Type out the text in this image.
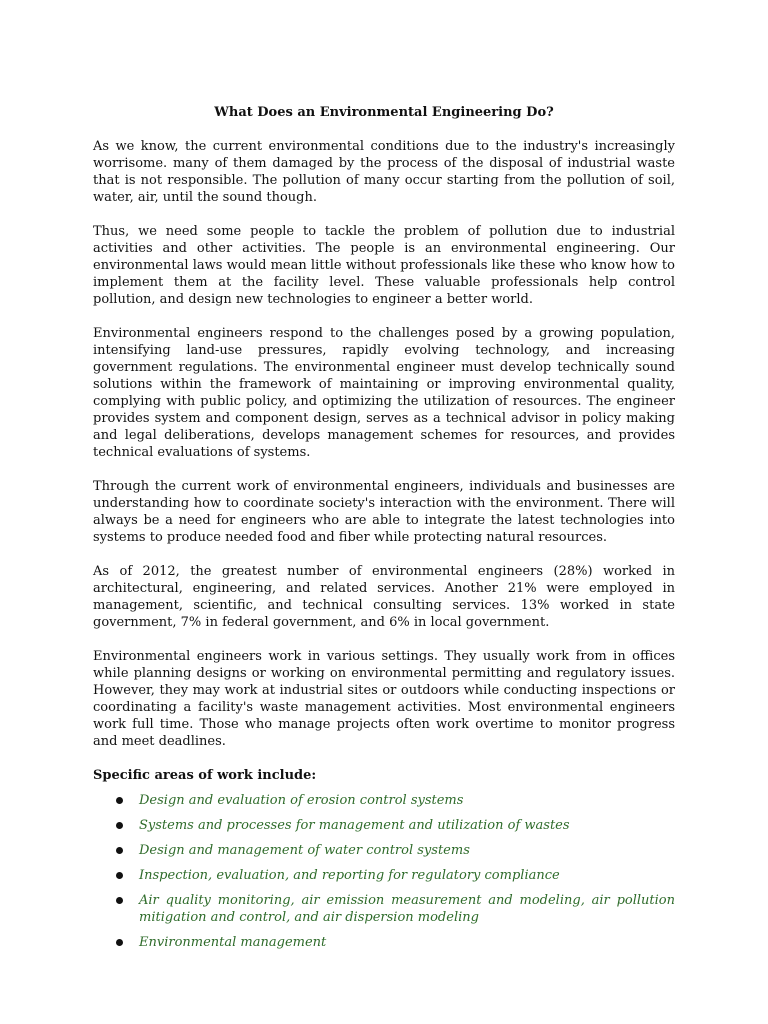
What Does an Environmental Engineering Do?

As we know, the current environmental conditions due to the industry's increasingly worrisome. many of them damaged by the process of the disposal of industrial waste that is not responsible. The pollution of many occur starting from the pollution of soil, water, air, until the sound though.

Thus, we need some people to tackle the problem of pollution due to industrial activities and other activities. The people is an environmental engineering. Our environmental laws would mean little without professionals like these who know how to implement them at the facility level. These valuable professionals help control pollution, and design new technologies to engineer a better world.

Environmental engineers respond to the challenges posed by a growing population, intensifying land-use pressures, rapidly evolving technology, and increasing government regulations. The environmental engineer must develop technically sound solutions within the framework of maintaining or improving environmental quality, complying with public policy, and optimizing the utilization of resources. The engineer provides system and component design, serves as a technical advisor in policy making and legal deliberations, develops management schemes for resources, and provides technical evaluations of systems.

Through the current work of environmental engineers, individuals and businesses are understanding how to coordinate society's interaction with the environment. There will always be a need for engineers who are able to integrate the latest technologies into systems to produce needed food and fiber while protecting natural resources.

As of 2012, the greatest number of environmental engineers (28%) worked in architectural, engineering, and related services. Another 21% were employed in management, scientific, and technical consulting services. 13% worked in state government, 7% in federal government, and 6% in local government.

Environmental engineers work in various settings. They usually work from in offices while planning designs or working on environmental permitting and regulatory issues. However, they may work at industrial sites or outdoors while conducting inspections or coordinating a facility's waste management activities. Most environmental engineers work full time. Those who manage projects often work overtime to monitor progress and meet deadlines.

Specific areas of work include:
Design and evaluation of erosion control systems
Systems and processes for management and utilization of wastes
Design and management of water control systems
Inspection, evaluation, and reporting for regulatory compliance
Air quality monitoring, air emission measurement and modeling, air pollution mitigation and control, and air dispersion modeling
Environmental management
